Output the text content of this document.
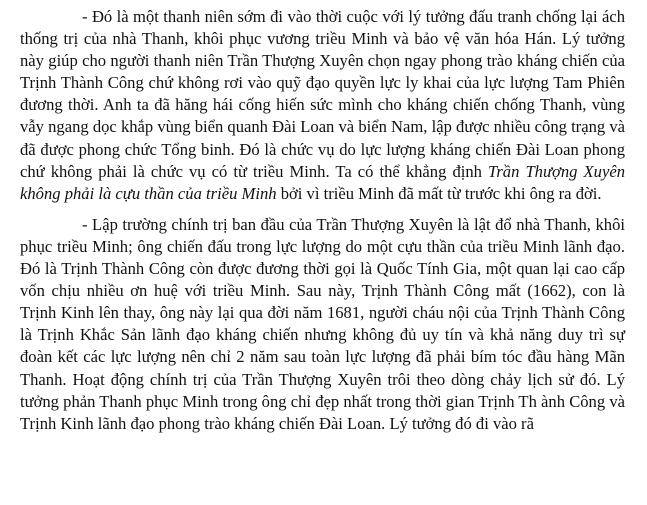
- Đó là một thanh niên sớm đi vào thời cuộc với lý tưởng đấu tranh chống lại ách thống trị của nhà Thanh, khôi phục vương triều Minh và bảo vệ văn hóa Hán. Lý tưởng này giúp cho người thanh niên Trần Thượng Xuyên chọn ngay phong trào kháng chiến của Trịnh Thành Công chứ không rơi vào quỹ đạo quyền lực ly khai của lực lượng Tam Phiên đương thời. Anh ta đã hăng hái cống hiến sức mình cho kháng chiến chống Thanh, vùng vẫy ngang dọc khắp vùng biển quanh Đài Loan và biển Nam, lập được nhiều công trạng và đã được phong chức Tổng binh. Đó là chức vụ do lực lượng kháng chiến Đài Loan phong chứ không phải là chức vụ có từ triều Minh. Ta có thể khẳng định Trần Thượng Xuyên không phải là cựu thần của triều Minh bởi vì triều Minh đã mất từ trước khi ông ra đời.

- Lập trường chính trị ban đầu của Trần Thượng Xuyên là lật đổ nhà Thanh, khôi phục triều Minh; ông chiến đấu trong lực lượng do một cựu thần của triều Minh lãnh đạo. Đó là Trịnh Thành Công còn được đương thời gọi là Quốc Tính Gia, một quan lại cao cấp vốn chịu nhiều ơn huệ với triều Minh. Sau này, Trịnh Thành Công mất (1662), con là Trịnh Kinh lên thay, ông này lại qua đời năm 1681, người cháu nội của Trịnh Thành Công là Trịnh Khắc Sản lãnh đạo kháng chiến nhưng không đủ uy tín và khả năng duy trì sự đoàn kết các lực lượng nên chỉ 2 năm sau toàn lực lượng đã phải bím tóc đầu hàng Mãn Thanh. Hoạt động chính trị của Trần Thượng Xuyên trôi theo dòng chảy lịch sử đó. Lý tưởng phản Thanh phục Minh trong ông chỉ đẹp nhất trong thời gian Trịnh Th ành Công và Trịnh Kinh lãnh đạo phong trào kháng chiến Đài Loan. Lý tưởng đó đi vào rã
